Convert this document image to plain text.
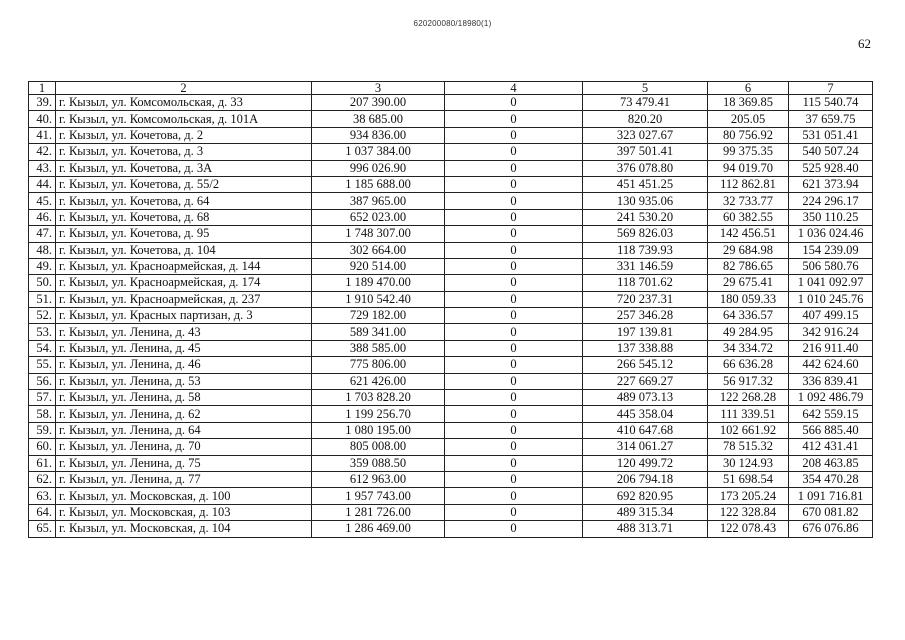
620200080/18980(1)
62
1	2	3	4	5	6	7
39.	г. Кызыл, ул. Комсомольская, д. 33	207 390.00	0	73 479.41	18 369.85	115 540.74
40.	г. Кызыл, ул. Комсомольская, д. 101А	38 685.00	0	820.20	205.05	37 659.75
41.	г. Кызыл, ул. Кочетова, д. 2	934 836.00	0	323 027.67	80 756.92	531 051.41
42.	г. Кызыл, ул. Кочетова, д. 3	1 037 384.00	0	397 501.41	99 375.35	540 507.24
43.	г. Кызыл, ул. Кочетова, д. 3А	996 026.90	0	376 078.80	94 019.70	525 928.40
44.	г. Кызыл, ул. Кочетова, д. 55/2	1 185 688.00	0	451 451.25	112 862.81	621 373.94
45.	г. Кызыл, ул. Кочетова, д. 64	387 965.00	0	130 935.06	32 733.77	224 296.17
46.	г. Кызыл, ул. Кочетова, д. 68	652 023.00	0	241 530.20	60 382.55	350 110.25
47.	г. Кызыл, ул. Кочетова, д. 95	1 748 307.00	0	569 826.03	142 456.51	1 036 024.46
48.	г. Кызыл, ул. Кочетова, д. 104	302 664.00	0	118 739.93	29 684.98	154 239.09
49.	г. Кызыл, ул. Красноармейская, д. 144	920 514.00	0	331 146.59	82 786.65	506 580.76
50.	г. Кызыл, ул. Красноармейская, д. 174	1 189 470.00	0	118 701.62	29 675.41	1 041 092.97
51.	г. Кызыл, ул. Красноармейская, д. 237	1 910 542.40	0	720 237.31	180 059.33	1 010 245.76
52.	г. Кызыл, ул. Красных партизан, д. 3	729 182.00	0	257 346.28	64 336.57	407 499.15
53.	г. Кызыл, ул. Ленина, д. 43	589 341.00	0	197 139.81	49 284.95	342 916.24
54.	г. Кызыл, ул. Ленина, д. 45	388 585.00	0	137 338.88	34 334.72	216 911.40
55.	г. Кызыл, ул. Ленина, д. 46	775 806.00	0	266 545.12	66 636.28	442 624.60
56.	г. Кызыл, ул. Ленина, д. 53	621 426.00	0	227 669.27	56 917.32	336 839.41
57.	г. Кызыл, ул. Ленина, д. 58	1 703 828.20	0	489 073.13	122 268.28	1 092 486.79
58.	г. Кызыл, ул. Ленина, д. 62	1 199 256.70	0	445 358.04	111 339.51	642 559.15
59.	г. Кызыл, ул. Ленина, д. 64	1 080 195.00	0	410 647.68	102 661.92	566 885.40
60.	г. Кызыл, ул. Ленина, д. 70	805 008.00	0	314 061.27	78 515.32	412 431.41
61.	г. Кызыл, ул. Ленина, д. 75	359 088.50	0	120 499.72	30 124.93	208 463.85
62.	г. Кызыл, ул. Ленина, д. 77	612 963.00	0	206 794.18	51 698.54	354 470.28
63.	г. Кызыл, ул. Московская, д. 100	1 957 743.00	0	692 820.95	173 205.24	1 091 716.81
64.	г. Кызыл, ул. Московская, д. 103	1 281 726.00	0	489 315.34	122 328.84	670 081.82
65.	г. Кызыл, ул. Московская, д. 104	1 286 469.00	0	488 313.71	122 078.43	676 076.86
